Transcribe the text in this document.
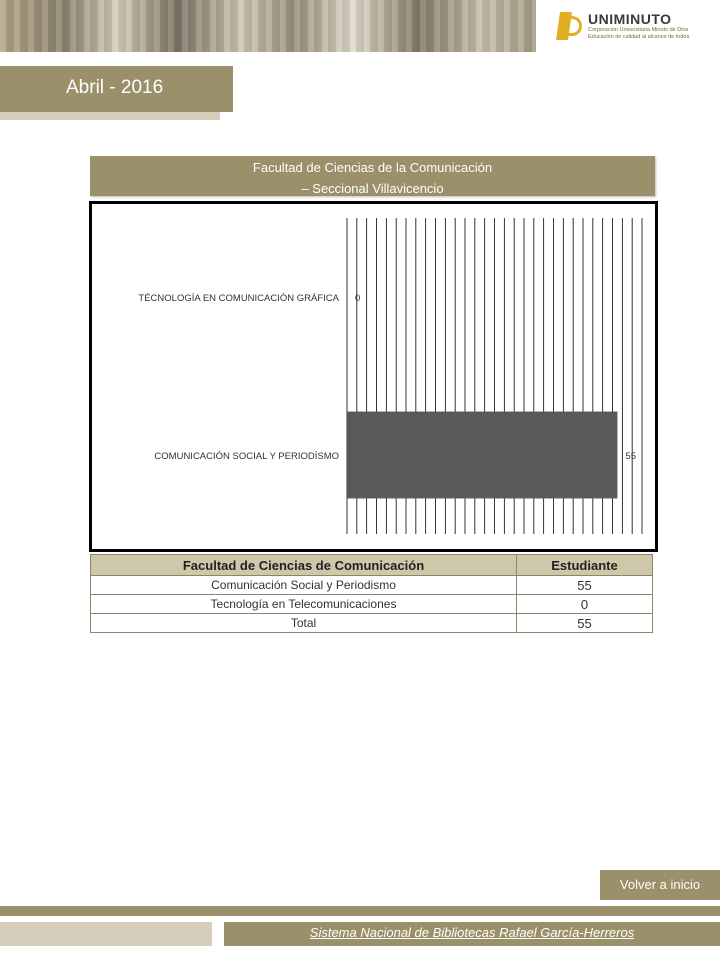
UNIMINUTO
Corporación Universitaria Minuto de Dios
Educación de calidad al alcance de todos
Abril - 2016
Facultad de Ciencias de la Comunicación
– Seccional Villavicencio
TÉCNOLOGÍA EN COMUNICACIÓN GRÁFICA 0
COMUNICACIÓN SOCIAL Y PERIODÍSMO	55
Facultad de Ciencias de Comunicación	Estudiante
Comunicación Social y Periodismo	55
Tecnología en Telecomunicaciones	0
Total	55
Volver a inicio
Sistema Nacional de Bibliotecas Rafael García-Herreros
